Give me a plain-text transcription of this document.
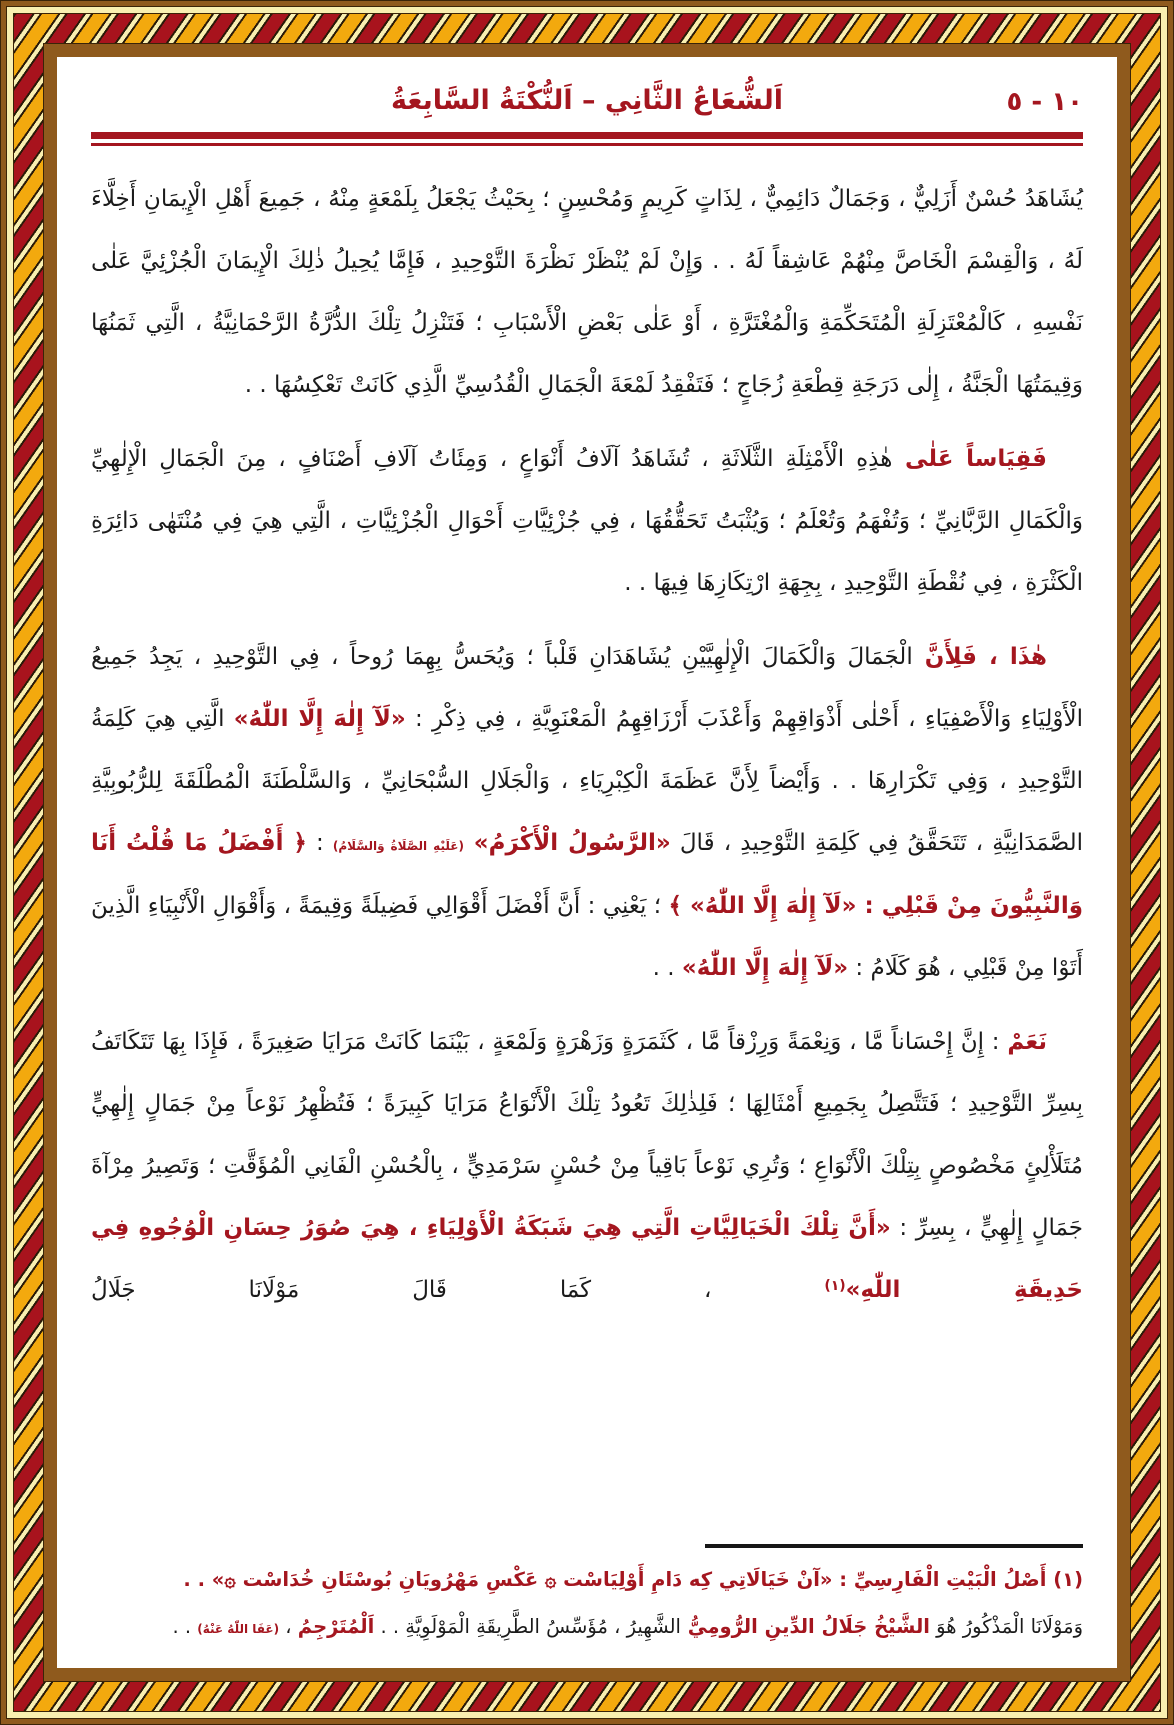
١٠ - ٥
اَلشُّعَاعُ الثَّانِي – اَلنُّكْتَةُ السَّابِعَةُ

يُشَاهَدُ حُسْنٌ أَزَلِيٌّ ، وَجَمَالٌ دَائِمِيٌّ ، لِذَاتٍ كَرِيمٍ وَمُحْسِنٍ ؛ بِحَيْثُ يَجْعَلُ بِلَمْعَةٍ مِنْهُ ، جَمِيعَ أَهْلِ الْإِيمَانِ أَخِلَّاءَ لَهُ ، وَالْقِسْمَ الْخَاصَّ مِنْهُمْ عَاشِقاً لَهُ . . وَإِنْ لَمْ يُنْظَرْ نَظْرَةَ التَّوْحِيدِ ، فَإِمَّا يُحِيلُ ذٰلِكَ الْإِيمَانَ الْجُزْئِيَّ عَلٰى نَفْسِهِ ، كَالْمُعْتَزِلَةِ الْمُتَحَكِّمَةِ وَالْمُغْتَرَّةِ ، أَوْ عَلٰى بَعْضِ الْأَسْبَابِ ؛ فَتَنْزِلُ تِلْكَ الدُّرَّةُ الرَّحْمَانِيَّةُ ، الَّتِي ثَمَنُهَا وَقِيمَتُهَا الْجَنَّةُ ، إِلٰى دَرَجَةِ قِطْعَةِ زُجَاجٍ ؛ فَتَفْقِدُ لَمْعَةَ الْجَمَالِ الْقُدُسِيِّ الَّذِي كَانَتْ تَعْكِسُهَا . .

فَقِيَاساً عَلٰى هٰذِهِ الْأَمْثِلَةِ الثَّلَاثَةِ ، تُشَاهَدُ آلَافُ أَنْوَاعٍ ، وَمِئَاتُ آلَافِ أَصْنَافٍ ، مِنَ الْجَمَالِ الْإِلٰهِيِّ وَالْكَمَالِ الرَّبَّانِيِّ ؛ وَتُفْهَمُ وَتُعْلَمُ ؛ وَيُثْبَتُ تَحَقُّقُهَا ، فِي جُزْئِيَّاتِ أَحْوَالِ الْجُزْئِيَّاتِ ، الَّتِي هِيَ فِي مُنْتَهٰى دَائِرَةِ الْكَثْرَةِ ، فِي نُقْطَةِ التَّوْحِيدِ ، بِجِهَةِ ارْتِكَازِهَا فِيهَا . .

هٰذَا ، فَلِأَنَّ الْجَمَالَ وَالْكَمَالَ الْإِلٰهِيَّيْنِ يُشَاهَدَانِ قَلْباً ؛ وَيُحَسُّ بِهِمَا رُوحاً ، فِي التَّوْحِيدِ ، يَجِدُ جَمِيعُ الْأَوْلِيَاءِ وَالْأَصْفِيَاءِ ، أَحْلٰى أَذْوَاقِهِمْ وَأَعْذَبَ أَرْزَاقِهِمُ الْمَعْنَوِيَّةِ ، فِي ذِكْرِ : «لَآ إِلٰهَ إِلَّا اللّٰهُ» الَّتِي هِيَ كَلِمَةُ التَّوْحِيدِ ، وَفِي تَكْرَارِهَا . . وَأَيْضاً لِأَنَّ عَظَمَةَ الْكِبْرِيَاءِ ، وَالْجَلَالِ السُّبْحَانِيِّ ، وَالسَّلْطَنَةَ الْمُطْلَقَةَ لِلرُّبُوبِيَّةِ الصَّمَدَانِيَّةِ ، تَتَحَقَّقُ فِي كَلِمَةِ التَّوْحِيدِ ، قَالَ «الرَّسُولُ الْأَكْرَمُ» (عَلَيْهِ الصَّلَاةُ وَالسَّلَامُ) : ﴿ أَفْضَلُ مَا قُلْتُ أَنَا وَالنَّبِيُّونَ مِنْ قَبْلِي : «لَآ إِلٰهَ إِلَّا اللّٰهُ» ﴾ ؛ يَعْنِي : أَنَّ أَفْضَلَ أَقْوَالِي فَضِيلَةً وَقِيمَةً ، وَأَقْوَالِ الْأَنْبِيَاءِ الَّذِينَ أَتَوْا مِنْ قَبْلِي ، هُوَ كَلَامُ : «لَآ إِلٰهَ إِلَّا اللّٰهُ» . .

نَعَمْ : إِنَّ إِحْسَاناً مَّا ، وَنِعْمَةً وَرِزْقاً مَّا ، كَثَمَرَةٍ وَزَهْرَةٍ وَلَمْعَةٍ ، بَيْنَمَا كَانَتْ مَرَايَا صَغِيرَةً ، فَإِذَا بِهَا تَتَكَاتَفُ بِسِرِّ التَّوْحِيدِ ؛ فَتَتَّصِلُ بِجَمِيعِ أَمْثَالِهَا ؛ فَلِذٰلِكَ تَعُودُ تِلْكَ الْأَنْوَاعُ مَرَايَا كَبِيرَةً ؛ فَتُظْهِرُ نَوْعاً مِنْ جَمَالٍ إِلٰهِيٍّ مُتَلَأْلِئٍ مَخْصُوصٍ بِتِلْكَ الْأَنْوَاعِ ؛ وَتُرِي نَوْعاً بَاقِياً مِنْ حُسْنٍ سَرْمَدِيٍّ ، بِالْحُسْنِ الْفَانِي الْمُؤَقَّتِ ؛ وَتَصِيرُ مِرْآةَ جَمَالٍ إِلٰهِيٍّ ، بِسِرِّ : «أَنَّ تِلْكَ الْخَيَالِيَّاتِ الَّتِي هِيَ شَبَكَةُ الْأَوْلِيَاءِ ، هِيَ صُوَرُ حِسَانِ الْوُجُوهِ فِي حَدِيقَةِ اللّٰهِ»$^{(١)}$ ، كَمَا قَالَ مَوْلَانَا جَلَالُ

(١) أَصْلُ الْبَيْتِ الْفَارِسِيِّ : «آنْ خَيَالَاتِي كِه دَامِ أَوْلِيَاسْت ۞ عَكْسِ مَهْرُويَانِ بُوسْتَانِ خُدَاسْت ۞» . .

وَمَوْلَانَا الْمَذْكُورُ هُوَ الشَّيْخُ جَلَالُ الدِّينِ الرُّومِيُّ الشَّهِيرُ ، مُؤَسِّسُ الطَّرِيقَةِ الْمَوْلَوِيَّةِ . . اَلْمُتَرْجِمُ ، (عَفَا اللّٰهُ عَنْهُ) . .
